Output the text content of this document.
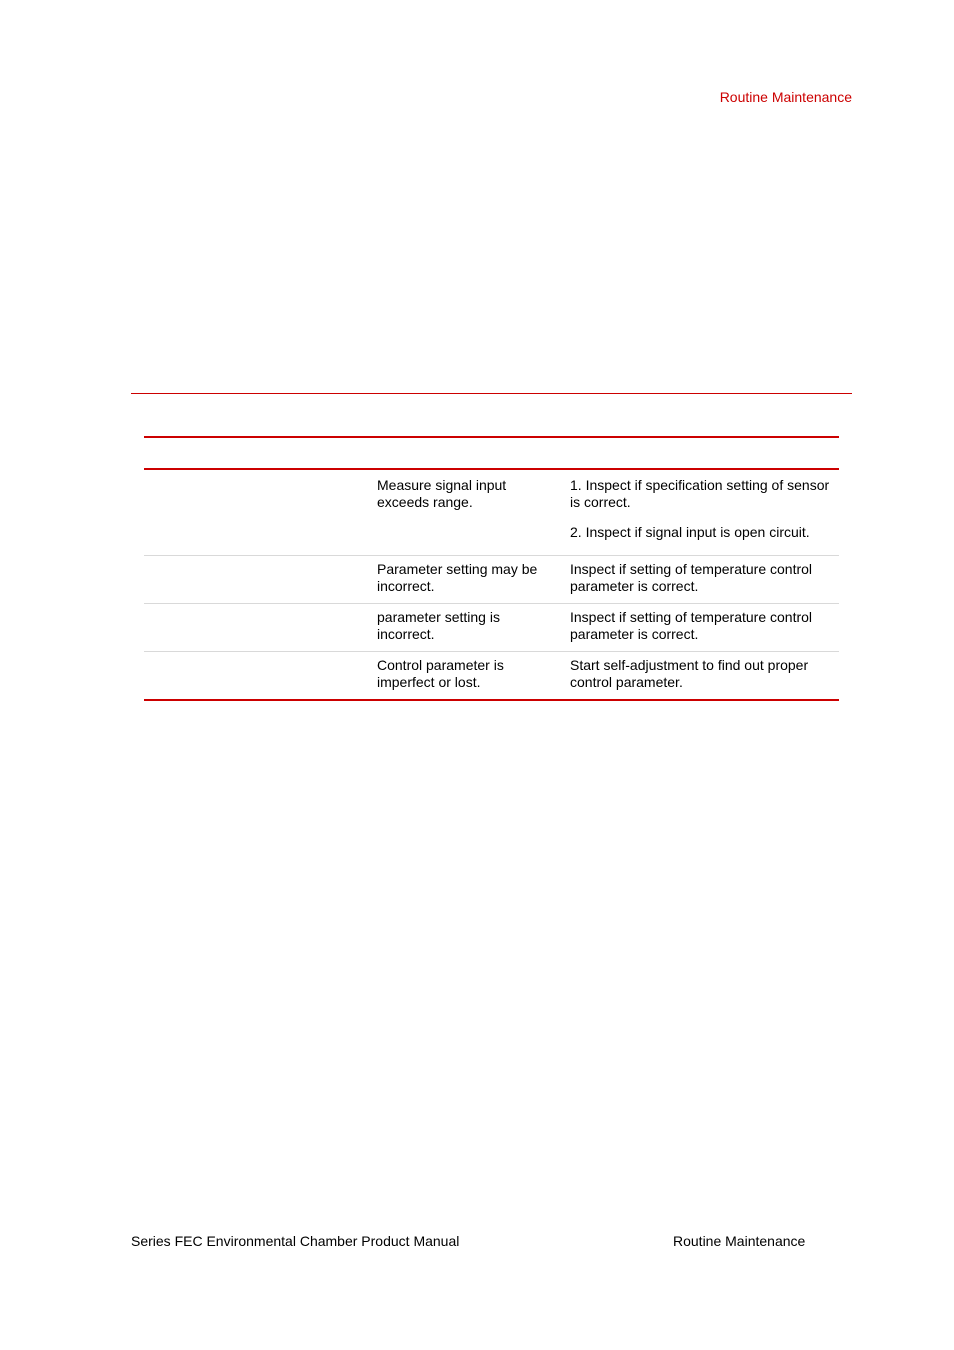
Routine Maintenance

Measure signal input exceeds range.

1. Inspect if specification setting of sensor is correct.

2. Inspect if signal input is open circuit.

Parameter setting may be incorrect.

Inspect if setting of temperature control parameter is correct.

parameter setting is incorrect.

Inspect if setting of temperature control parameter is correct.

Control parameter is imperfect or lost.

Start self-adjustment to find out proper control parameter.

Series FEC Environmental Chamber Product Manual	Routine Maintenance
